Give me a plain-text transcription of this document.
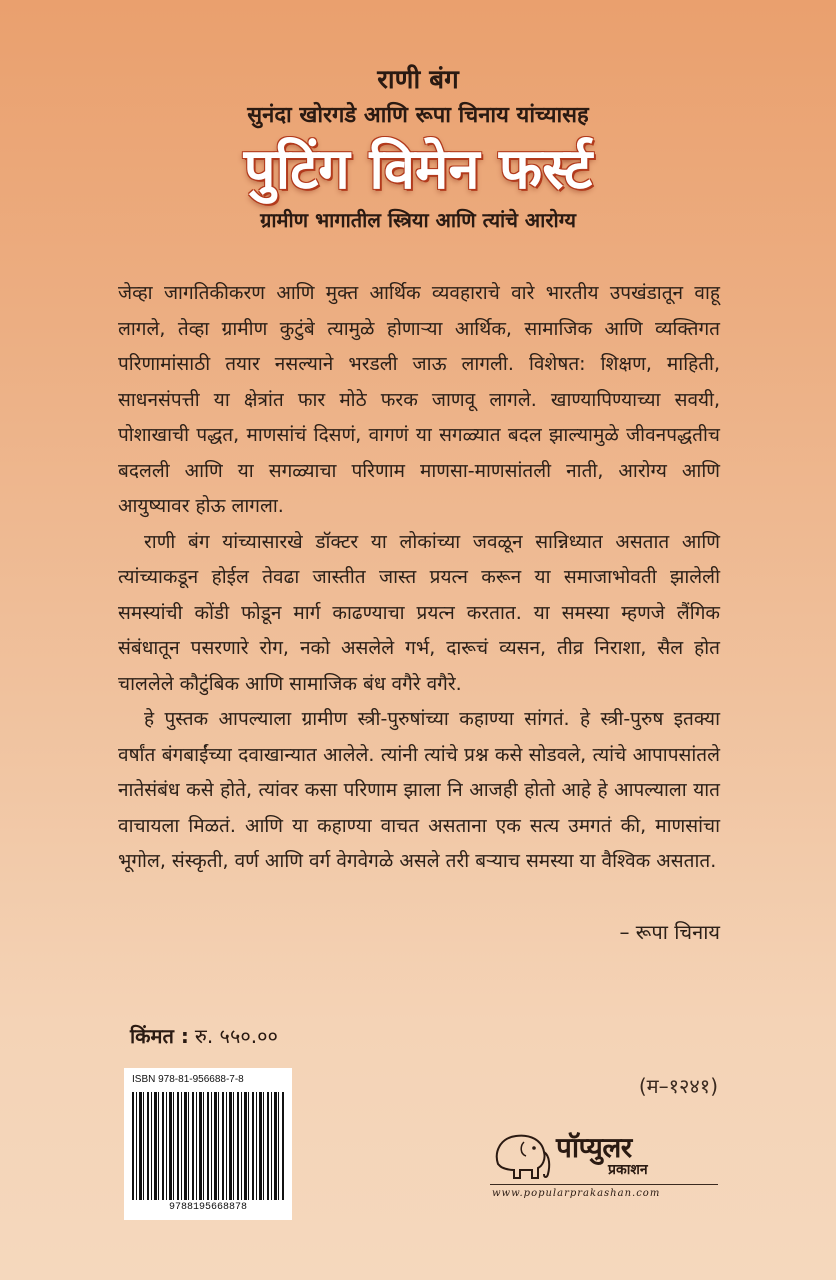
राणी बंग
सुनंदा खोरगडे आणि रूपा चिनाय यांच्यासह
पुटिंग विमेन फर्स्ट
ग्रामीण भागातील स्त्रिया आणि त्यांचे आरोग्य

जेव्हा जागतिकीकरण आणि मुक्त आर्थिक व्यवहाराचे वारे भारतीय उपखंडातून वाहू लागले, तेव्हा ग्रामीण कुटुंबे त्यामुळे होणाऱ्या आर्थिक, सामाजिक आणि व्यक्तिगत परिणामांसाठी तयार नसल्याने भरडली जाऊ लागली. विशेषत: शिक्षण, माहिती, साधनसंपत्ती या क्षेत्रांत फार मोठे फरक जाणवू लागले. खाण्यापिण्याच्या सवयी, पोशाखाची पद्धत, माणसांचं दिसणं, वागणं या सगळ्यात बदल झाल्यामुळे जीवनपद्धतीच बदलली आणि या सगळ्याचा परिणाम माणसा-माणसांतली नाती, आरोग्य आणि आयुष्यावर होऊ लागला.

राणी बंग यांच्यासारखे डॉक्टर या लोकांच्या जवळून सान्निध्यात असतात आणि त्यांच्याकडून होईल तेवढा जास्तीत जास्त प्रयत्न करून या समाजाभोवती झालेली समस्यांची कोंडी फोडून मार्ग काढण्याचा प्रयत्न करतात. या समस्या म्हणजे लैंगिक संबंधातून पसरणारे रोग, नको असलेले गर्भ, दारूचं व्यसन, तीव्र निराशा, सैल होत चाललेले कौटुंबिक आणि सामाजिक बंध वगैरे वगैरे.

हे पुस्तक आपल्याला ग्रामीण स्त्री-पुरुषांच्या कहाण्या सांगतं. हे स्त्री-पुरुष इतक्या वर्षांत बंगबाईंच्या दवाखान्यात आलेले. त्यांनी त्यांचे प्रश्न कसे सोडवले, त्यांचे आपापसांतले नातेसंबंध कसे होते, त्यांवर कसा परिणाम झाला नि आजही होतो आहे हे आपल्याला यात वाचायला मिळतं. आणि या कहाण्या वाचत असताना एक सत्य उमगतं की, माणसांचा भूगोल, संस्कृती, वर्ण आणि वर्ग वेगवेगळे असले तरी बऱ्याच समस्या या वैश्विक असतात.

– रूपा चिनाय
किंमत : रु. ५५०.००
ISBN 978-81-956688-7-8
9788195668878
(म–१२४१)
पॉप्युलर
प्रकाशन
www.popularprakashan.com
